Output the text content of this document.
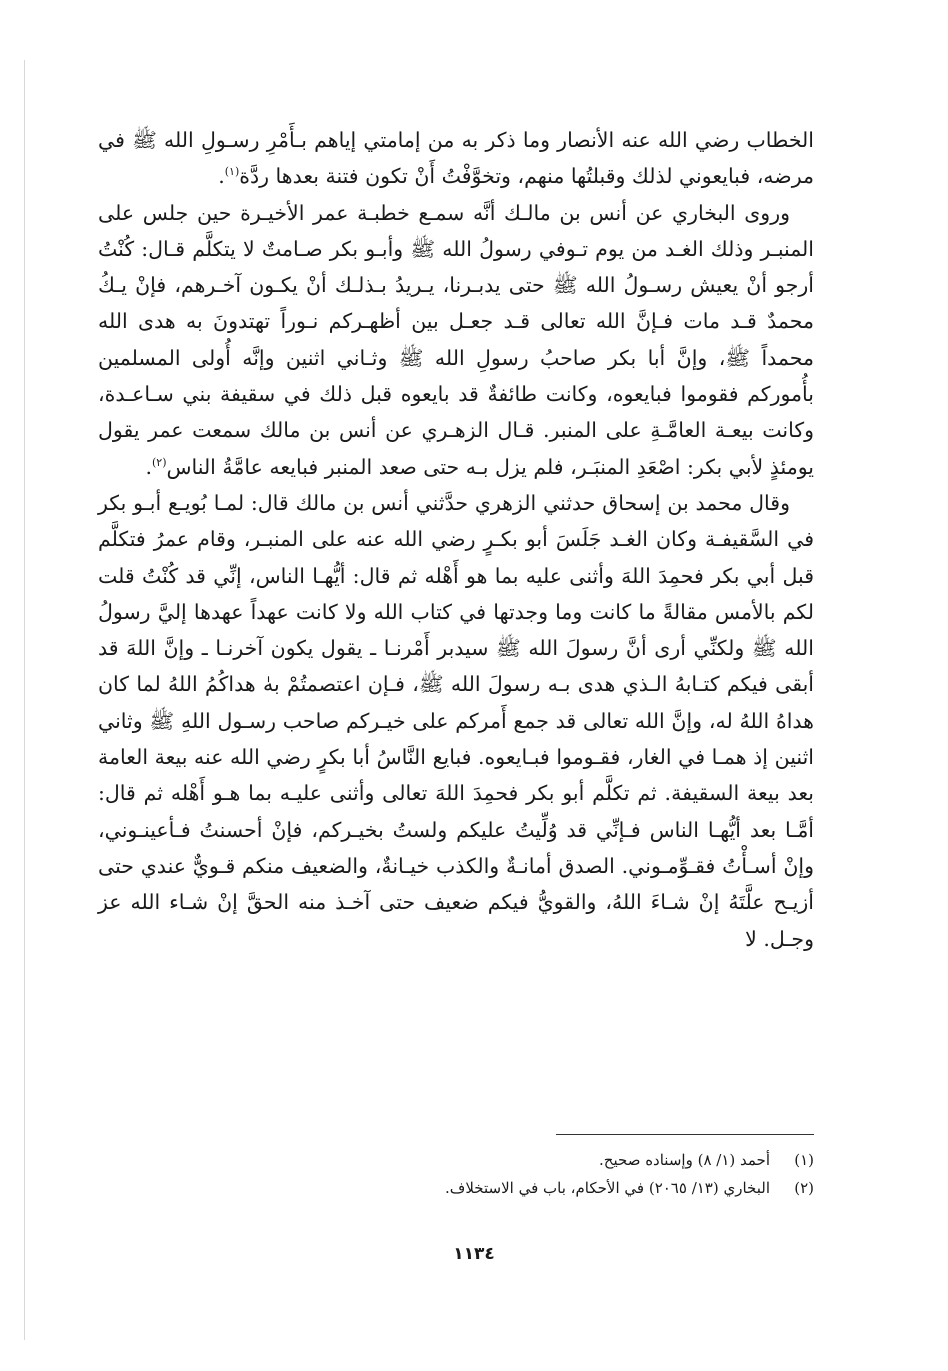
الخطاب رضي الله عنه الأنصار وما ذكر به من إمامتي إياهم بـأَمْرِ رسـولِ الله ﷺ في مرضه، فبايعوني لذلك وقبلتُها منهم، وتخوَّفْتُ أَنْ تكون فتنة بعدها ردَّة$^{(١)}$.

وروى البخاري عن أنس بن مالـك أنَّه سمـع خطبـة عمر الأخيـرة حين جلس على المنبـر وذلك الغـد من يوم تـوفي رسولُ الله ﷺ وأبـو بكر صـامتٌ لا يتكلَّم قـال: كُنْتُ أرجو أنْ يعيش رسـولُ الله ﷺ حتى يدبـرنا، يـريدُ بـذلـك أنْ يكـون آخـرهم، فإنْ يـكُ محمدٌ قـد مات فـإنَّ الله تعالى قـد جعـل بين أظهـركم نـوراً تهتدونَ به هدى الله محمداً ﷺ، وإنَّ أبا بكر صاحبُ رسولِ الله ﷺ وثـاني اثنين وإنَّه أُولى المسلمين بأُموركم فقوموا فبايعوه، وكانت طائفةٌ قد بايعوه قبل ذلك في سقيفة بني سـاعـدة، وكانت بيعـة العامَّـةِ على المنبر. قـال الزهـري عن أنس بن مالك سمعت عمر يقول يومئذٍ لأبي بكر: اصْعَدِ المنبَـر، فلم يزل بـه حتى صعد المنبر فبايعه عامَّةُ الناس$^{(٢)}$.

وقال محمد بن إسحاق حدثني الزهري حدَّثني أنس بن مالك قال: لمـا بُويـع أبـو بكر في السَّقيفـة وكان الغـد جَلَسَ أبو بكـرٍ رضي الله عنه على المنبـر، وقام عمرُ فتكلَّم قبل أبي بكر فحمِدَ اللهَ وأثنى عليه بما هو أَهْله ثم قال: أيُّهـا الناس، إنِّي قد كُنْتُ قلت لكم بالأمس مقالةً ما كانت وما وجدتها في كتاب الله ولا كانت عهداً عهدها إليَّ رسولُ الله ﷺ ولكنِّي أرى أنَّ رسولَ الله ﷺ سيدبر أَمْرنـا ـ يقول يكون آخرنـا ـ وإنَّ اللهَ قد أبقى فيكم كتـابهُ الـذي هدى بـه رسولَ الله ﷺ، فـإن اعتصمتُمْ بهٰ هداكُمُ اللهُ لما كان هداهُ اللهُ له، وإنَّ الله تعالى قد جمع أَمركم على خيـركم صاحب رسـول اللهِ ﷺ وثاني اثنين إذ همـا في الغار، فقـوموا فبـايعوه. فبايع النَّاسُ أبا بكرٍ رضي الله عنه بيعة العامة بعد بيعة السقيفة. ثم تكلَّم أبو بكر فحمِدَ اللهَ تعالى وأثنى عليـه بما هـو أَهْله ثم قال: أمَّـا بعد أيُّهـا الناس فـإنِّي قد وُلِّيتُ عليكم ولستُ بخيـركم، فإنْ أحسنتُ فـأعينـوني، وإنْ أسـأْتُ فقـوِّمـوني. الصدق أمانـةٌ والكذب خيـانةٌ، والضعيف منكم قـويٌّ عندي حتى أزيـح علَّتَهُ إنْ شـاءَ اللهُ، والقويُّ فيكم ضعيف حتى آخـذ منه الحقَّ إنْ شـاء الله عز وجـل. لا

(١)
أحمد (١/ ٨) وإسناده صحيح.
(٢)
البخاري (١٣/ ٢٠٦٥) في الأحكام، باب في الاستخلاف.
١١٣٤
